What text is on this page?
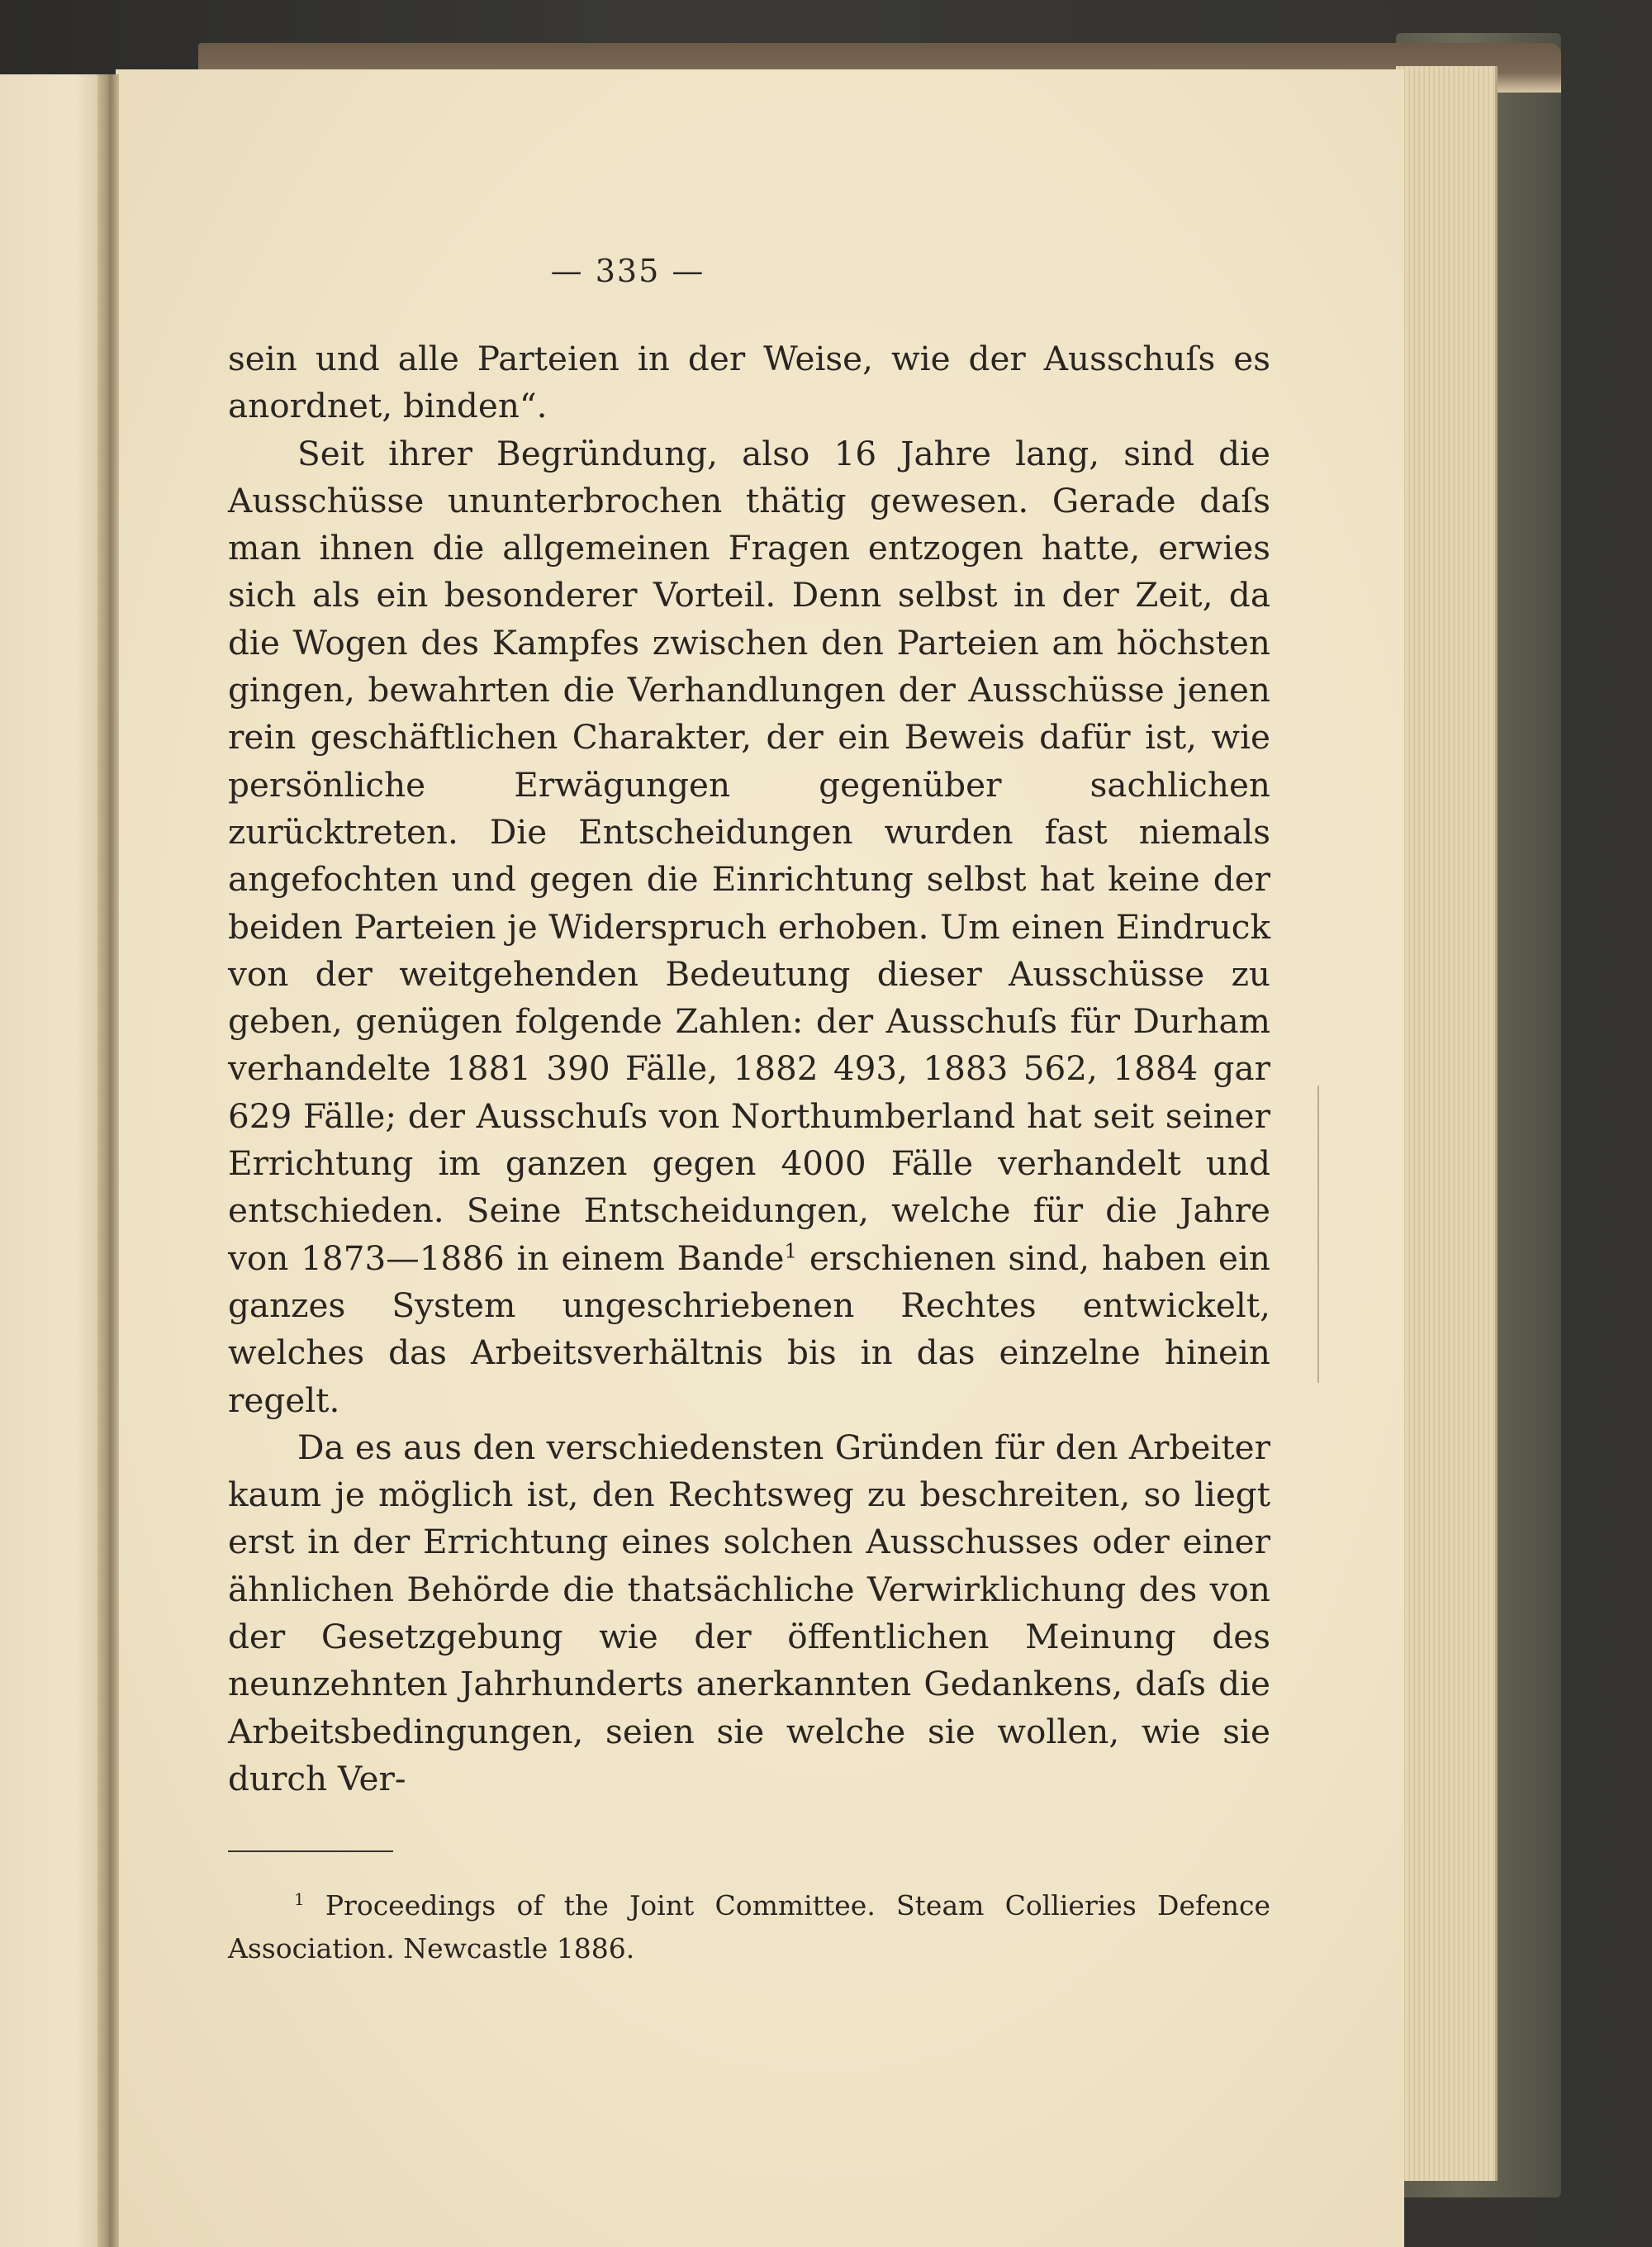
— 335 —

sein und alle Parteien in der Weise, wie der Ausschuſs es anordnet, binden“.

Seit ihrer Begründung, also 16 Jahre lang, sind die Ausschüsse ununterbrochen thätig gewesen. Gerade daſs man ihnen die allgemeinen Fragen entzogen hatte, erwies sich als ein besonderer Vorteil. Denn selbst in der Zeit, da die Wogen des Kampfes zwischen den Parteien am höchsten gingen, bewahrten die Verhandlungen der Ausschüsse jenen rein geschäftlichen Charakter, der ein Beweis dafür ist, wie persönliche Erwägungen gegenüber sachlichen zurücktreten. Die Entscheidungen wurden fast niemals angefochten und gegen die Einrichtung selbst hat keine der beiden Parteien je Widerspruch erhoben. Um einen Eindruck von der weitgehenden Bedeutung dieser Ausschüsse zu geben, genügen folgende Zahlen: der Ausschuſs für Durham verhandelte 1881 390 Fälle, 1882 493, 1883 562, 1884 gar 629 Fälle; der Ausschuſs von Northumberland hat seit seiner Errichtung im ganzen gegen 4000 Fälle verhandelt und entschieden. Seine Entscheidungen, welche für die Jahre von 1873—1886 in einem Bande$^1$ erschienen sind, haben ein ganzes System ungeschriebenen Rechtes entwickelt, welches das Arbeitsverhältnis bis in das einzelne hinein regelt.

Da es aus den verschiedensten Gründen für den Arbeiter kaum je möglich ist, den Rechtsweg zu beschreiten, so liegt erst in der Errichtung eines solchen Ausschusses oder einer ähnlichen Behörde die thatsächliche Verwirklichung des von der Gesetzgebung wie der öffentlichen Meinung des neunzehnten Jahrhunderts anerkannten Gedankens, daſs die Arbeitsbedingungen, seien sie welche sie wollen, wie sie durch Ver-

$^1$ Proceedings of the Joint Committee. Steam Collieries Defence Association. Newcastle 1886.
